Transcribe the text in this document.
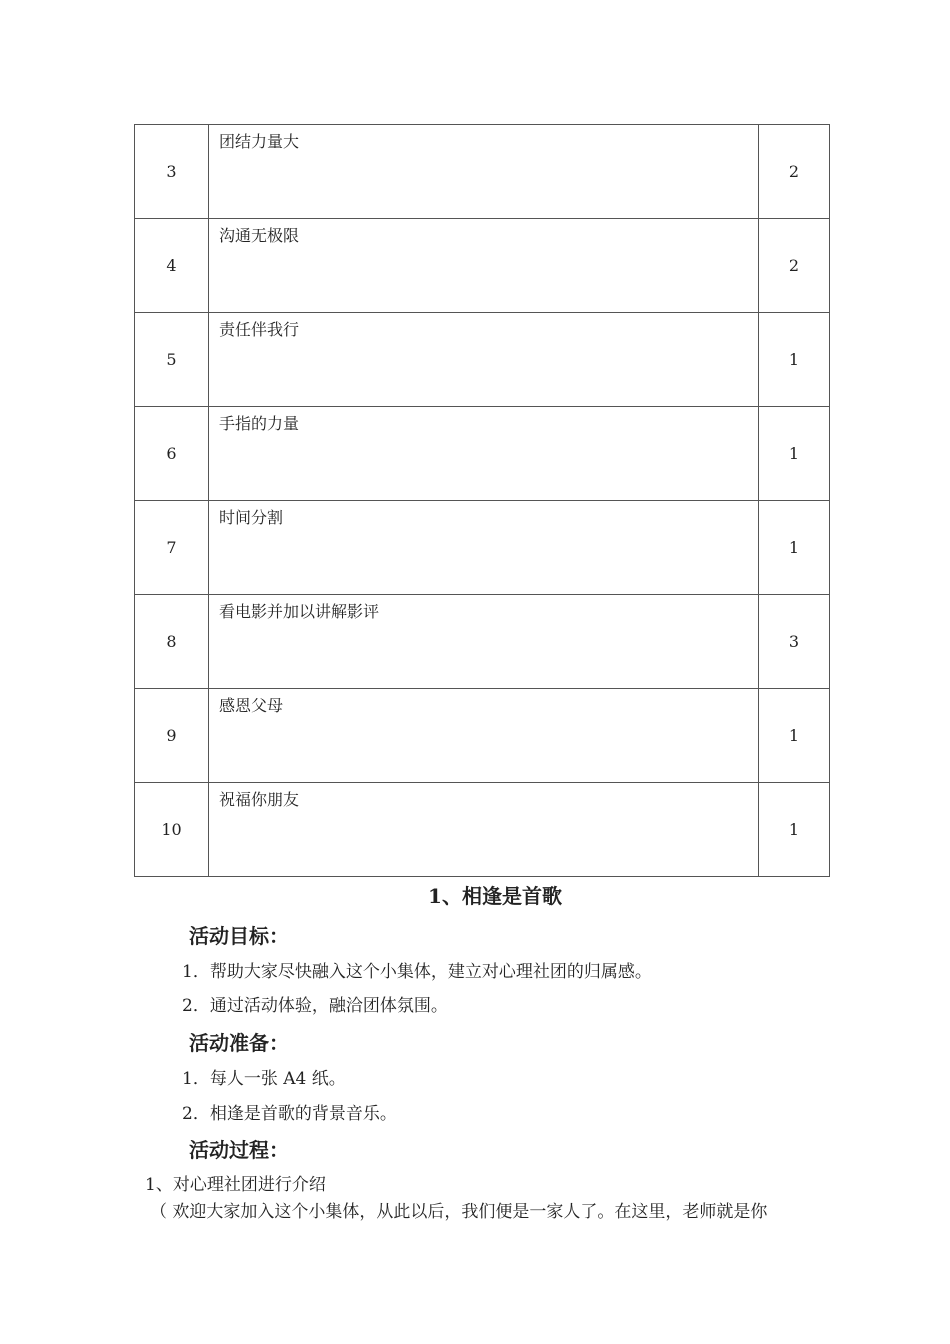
3	团结力量大	2
4	沟通无极限	2
5	责任伴我行	1
6	手指的力量	1
7	时间分割	1
8	看电影并加以讲解影评	3
9	感恩父母	1
10	祝福你朋友	1
1、相逢是首歌
活动目标：
1．帮助大家尽快融入这个小集体，建立对心理社团的归属感。
2．通过活动体验，融洽团体氛围。
活动准备：
1．每人一张 A4 纸。
2．相逢是首歌的背景音乐。
活动过程：
1、对心理社团进行介绍
（ 欢迎大家加入这个小集体，从此以后，我们便是一家人了。在这里，老师就是你
